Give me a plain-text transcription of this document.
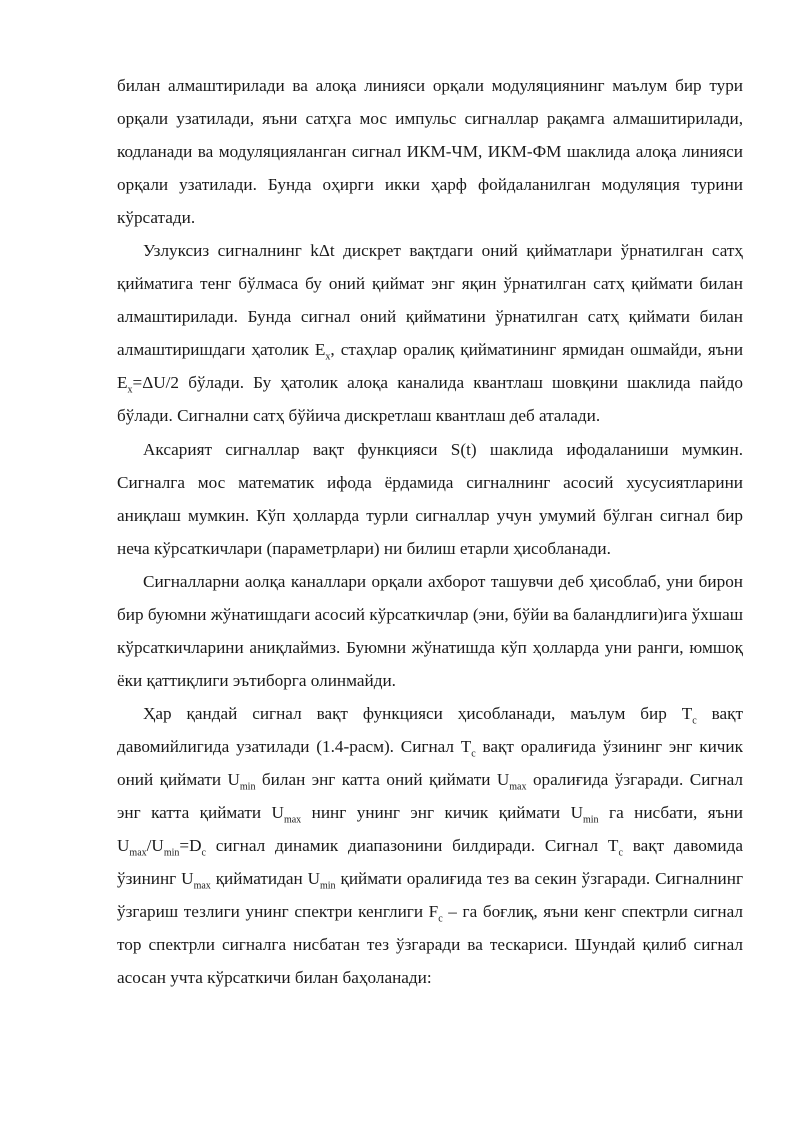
билан алмаштирилади ва алоқа линияси орқали модуляциянинг маълум бир тури орқали узатилади, яъни сатҳга мос импульс сигналлар рақамга алмашитирилади, кодланади ва модуляцияланган сигнал ИКМ-ЧМ, ИКМ-ФМ шаклида алоқа линияси орқали узатилади. Бунда оҳирги икки ҳарф фойдаланилган модуляция турини кўрсатади.

Узлуксиз сигналнинг kΔt дискрет вақтдаги оний қийматлари ўрнатилган сатҳ қийматига тенг бўлмаса бу оний қиймат энг яқин ўрнатилган сатҳ қиймати билан алмаштирилади. Бунда сигнал оний қийматини ўрнатилган сатҳ қиймати билан алмаштиришдаги ҳатолик $E_x$, стаҳлар оралиқ қийматининг ярмидан ошмайди, яъни $E_x=\Delta U/2$ бўлади. Бу ҳатолик алоқа каналида квантлаш шовқини шаклида пайдо бўлади. Сигнални сатҳ бўйича дискретлаш квантлаш деб аталади.

Аксарият сигналлар вақт функцияси S(t) шаклида ифодаланиши мумкин. Сигналга мос математик ифода ёрдамида сигналнинг асосий хусусиятларини аниқлаш мумкин. Кўп ҳолларда турли сигналлар учун умумий бўлган сигнал бир неча кўрсаткичлари (параметрлари) ни билиш етарли ҳисобланади.

Сигналларни аолқа каналлари орқали ахборот ташувчи деб ҳисоблаб, уни бирон бир буюмни жўнатишдаги асосий кўрсаткичлар (эни, бўйи ва баландлиги)ига ўхшаш кўрсаткичларини аниқлаймиз. Буюмни жўнатишда кўп ҳолларда уни ранги, юмшоқ ёки қаттиқлиги эътиборга олинмайди.

Ҳар қандай сигнал вақт функцияси ҳисобланади, маълум бир $T_c$ вақт давомийлигида узатилади (1.4-расм). Сигнал $T_c$ вақт оралиғида ўзининг энг кичик оний қиймати $U_{min}$ билан энг катта оний қиймати $U_{max}$ оралиғида ўзгаради. Сигнал энг катта қиймати $U_{max}$ нинг унинг энг кичик қиймати $U_{min}$ га нисбати, яъни $U_{max}/U_{min}=D_c$ сигнал динамик диапазонини билдиради. Сигнал $T_c$ вақт давомида ўзининг $U_{max}$ қийматидан $U_{min}$ қиймати оралиғида тез ва секин ўзгаради. Сигналнинг ўзгариш тезлиги унинг спектри кенглиги $F_c$ – га боғлиқ, яъни кенг спектрли сигнал тор спектрли сигналга нисбатан тез ўзгаради ва тескариси. Шундай қилиб сигнал асосан учта кўрсаткичи билан баҳоланади:
